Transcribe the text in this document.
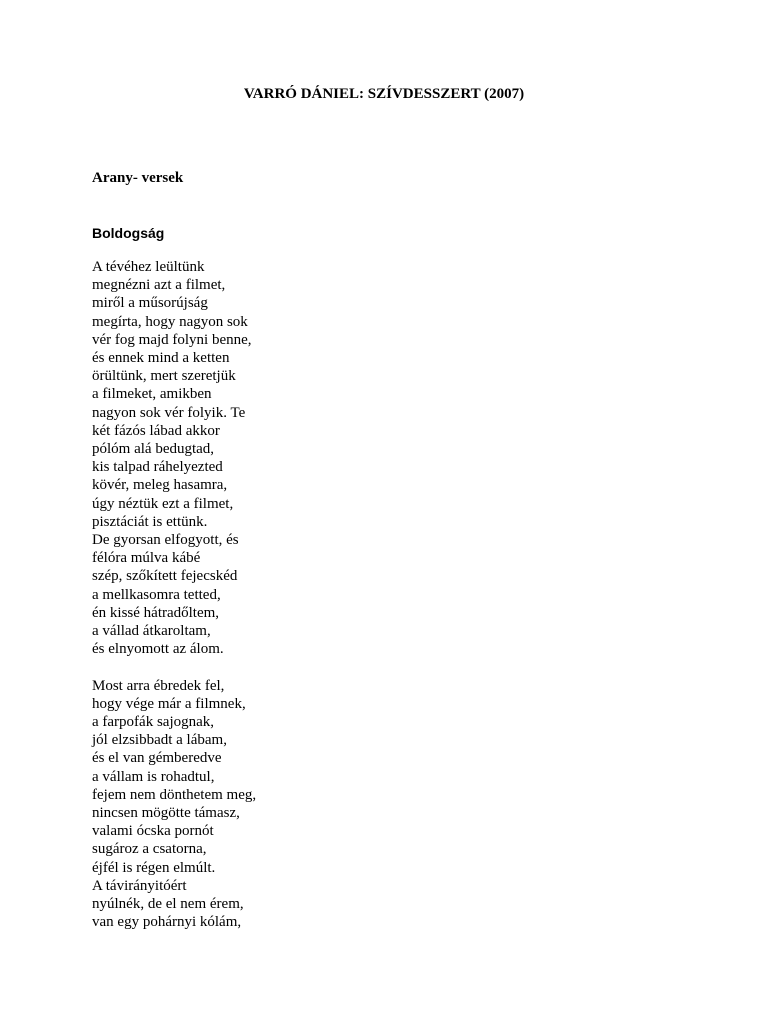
VARRÓ DÁNIEL: SZÍVDESSZERT (2007)
Arany- versek
Boldogság
A tévéhez leültünk
megnézni azt a filmet,
miről a műsorújság
megírta, hogy nagyon sok
vér fog majd folyni benne,
és ennek mind a ketten
örültünk, mert szeretjük
a filmeket, amikben
nagyon sok vér folyik. Te
két fázós lábad akkor
pólóm alá bedugtad,
kis talpad ráhelyezted
kövér, meleg hasamra,
úgy néztük ezt a filmet,
pisztáciát is ettünk.
De gyorsan elfogyott, és
félóra múlva kábé
szép, szőkített fejecskéd
a mellkasomra tetted,
én kissé hátradőltem,
a vállad átkaroltam,
és elnyomott az álom.
Most arra ébredek fel,
hogy vége már a filmnek,
a farpofák sajognak,
jól elzsibbadt a lábam,
és el van gémberedve
a vállam is rohadtul,
fejem nem dönthetem meg,
nincsen mögötte támasz,
valami ócska pornót
sugároz a csatorna,
éjfél is régen elmúlt.
A távirányitóért
nyúlnék, de el nem érem,
van egy pohárnyi kólám,
